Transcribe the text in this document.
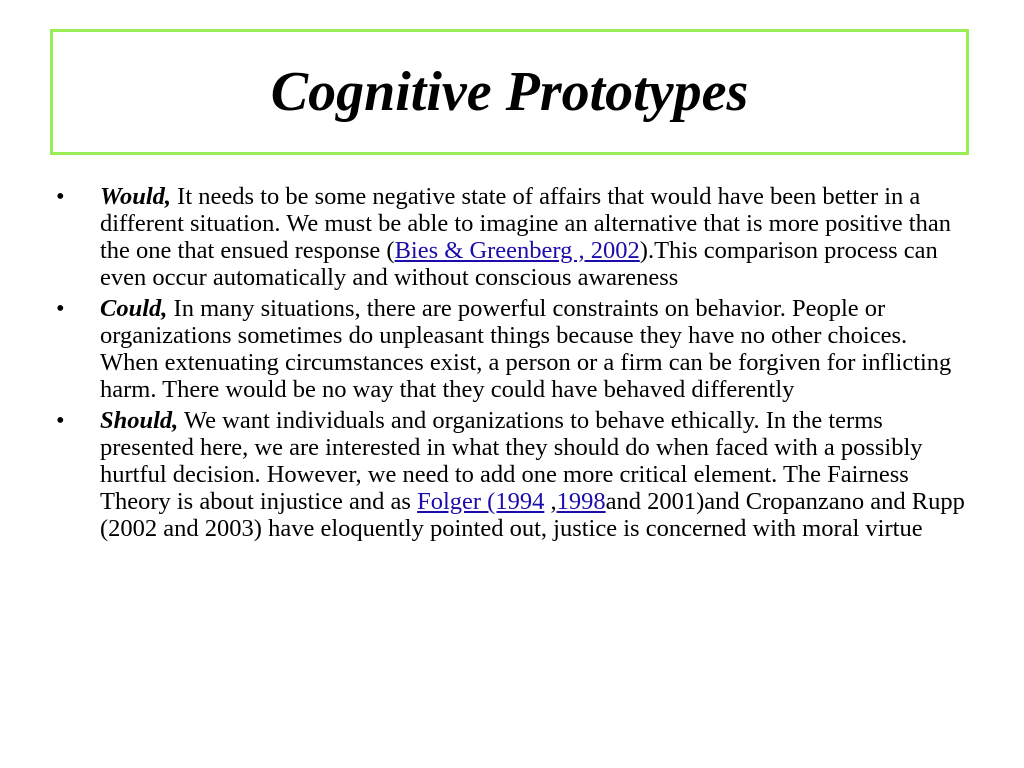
Cognitive Prototypes
•	Would, It needs to be some negative state of affairs that would have been better in a different situation. We must be able to imagine an alternative that is more positive than the one that ensued response (Bies & Greenberg , 2002).This comparison process can even occur automatically and without conscious awareness
•	Could, In many situations, there are powerful constraints on behavior. People or organizations sometimes do unpleasant things because they have no other choices. When extenuating circumstances exist, a person or a firm can be forgiven for inflicting harm. There would be no way that they could have behaved differently
•	Should, We want individuals and organizations to behave ethically. In the terms presented here, we are interested in what they should do when faced with a possibly hurtful decision. However, we need to add one more critical element. The Fairness Theory is about injustice and as Folger (1994 ,1998and 2001)and Cropanzano and Rupp (2002 and 2003) have eloquently pointed out, justice is concerned with moral virtue
